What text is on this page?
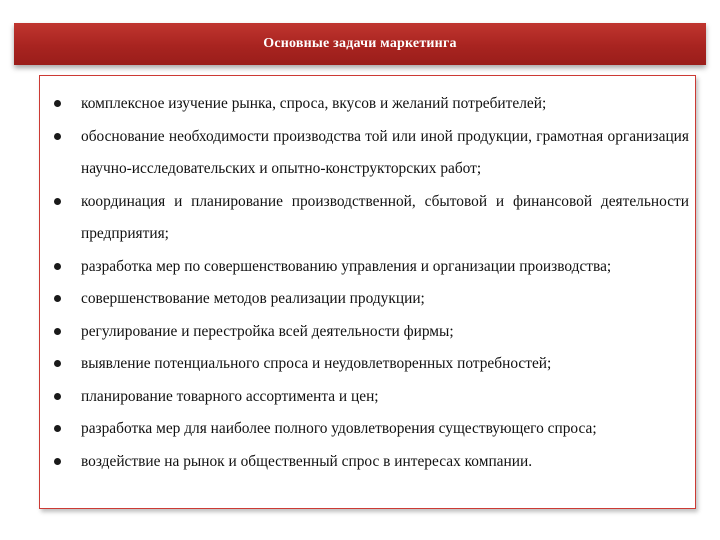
Основные задачи маркетинга
комплексное изучение рынка, спроса, вкусов и желаний потребителей;
обоснование необходимости производства той или иной продукции, грамотная организация научно-исследовательских и опытно-конструкторских работ;
координация и планирование производственной, сбытовой и финансовой деятельности предприятия;
разработка мер по совершенствованию управления и организации производства;
совершенствование методов реализации продукции;
регулирование и перестройка всей деятельности фирмы;
выявление потенциального спроса и неудовлетворенных потребностей;
планирование товарного ассортимента и цен;
разработка мер для наиболее полного удовлетворения существующего спроса;
воздействие на рынок и общественный спрос в интересах компании.
